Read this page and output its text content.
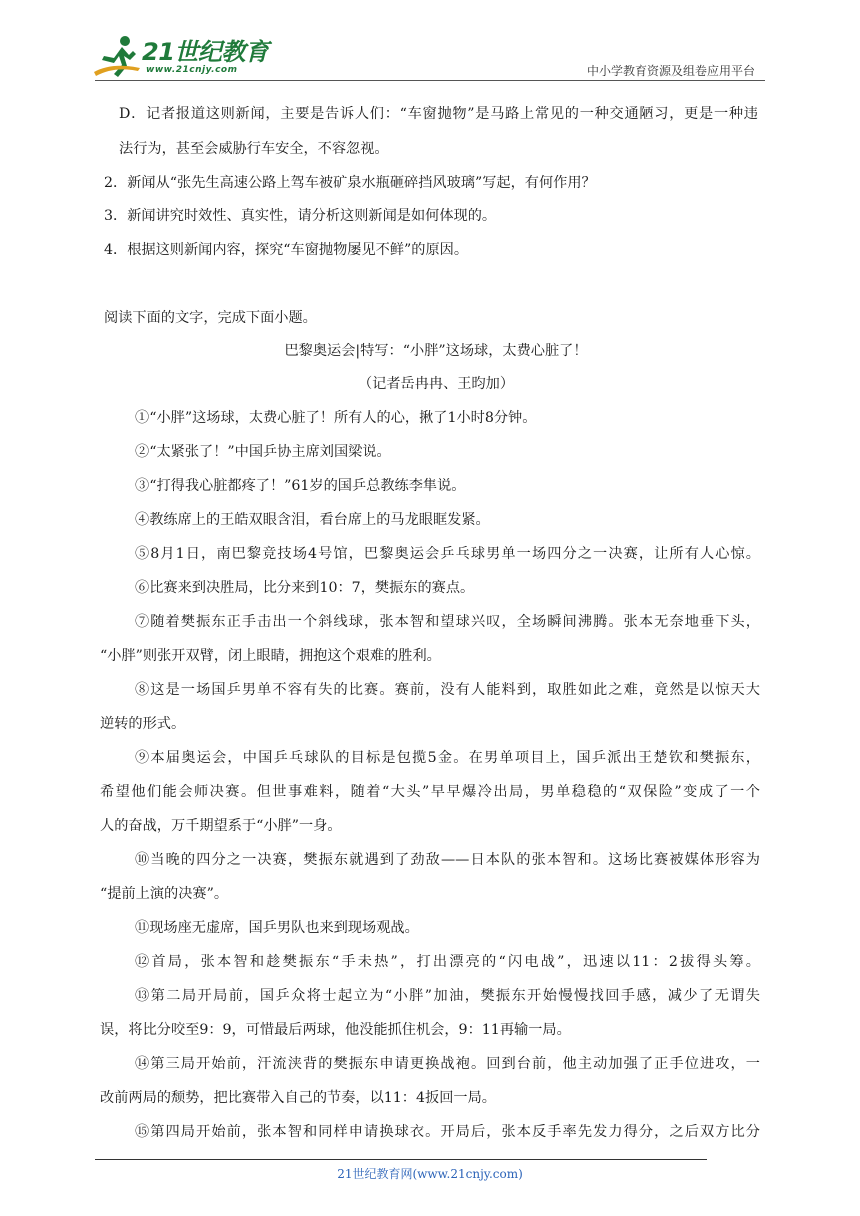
21世纪教育
www.21cnjy.com	中小学教育资源及组卷应用平台
D．记者报道这则新闻，主要是告诉人们：“车窗抛物”是马路上常见的一种交通陋习，更是一种违
法行为，甚至会威胁行车安全，不容忽视。
2．新闻从“张先生高速公路上驾车被矿泉水瓶砸碎挡风玻璃”写起，有何作用？
3．新闻讲究时效性、真实性，请分析这则新闻是如何体现的。
4．根据这则新闻内容，探究“车窗抛物屡见不鲜”的原因。
阅读下面的文字，完成下面小题。
巴黎奥运会|特写：“小胖”这场球，太费心脏了！
（记者岳冉冉、王昀加）
①“小胖”这场球，太费心脏了！所有人的心，揪了1小时8分钟。
②“太紧张了！”中国乒协主席刘国梁说。
③“打得我心脏都疼了！”61岁的国乒总教练李隼说。
④教练席上的王皓双眼含泪，看台席上的马龙眼眶发紧。
⑤8月1日，南巴黎竞技场4号馆，巴黎奥运会乒乓球男单一场四分之一决赛，让所有人心惊。
⑥比赛来到决胜局，比分来到10：7，樊振东的赛点。
⑦随着樊振东正手击出一个斜线球，张本智和望球兴叹，全场瞬间沸腾。张本无奈地垂下头，
“小胖”则张开双臂，闭上眼睛，拥抱这个艰难的胜利。
⑧这是一场国乒男单不容有失的比赛。赛前，没有人能料到，取胜如此之难，竟然是以惊天大
逆转的形式。
⑨本届奥运会，中国乒乓球队的目标是包揽5金。在男单项目上，国乒派出王楚钦和樊振东，
希望他们能会师决赛。但世事难料，随着“大头”早早爆冷出局，男单稳稳的“双保险”变成了一个
人的奋战，万千期望系于“小胖”一身。
⑩当晚的四分之一决赛，樊振东就遇到了劲敌——日本队的张本智和。这场比赛被媒体形容为
“提前上演的决赛”。
⑪现场座无虚席，国乒男队也来到现场观战。
⑫首局，张本智和趁樊振东“手未热”，打出漂亮的“闪电战”，迅速以11：2拔得头筹。
⑬第二局开局前，国乒众将士起立为“小胖”加油，樊振东开始慢慢找回手感，减少了无谓失
误，将比分咬至9：9，可惜最后两球，他没能抓住机会，9：11再输一局。
⑭第三局开始前，汗流浃背的樊振东申请更换战袍。回到台前，他主动加强了正手位进攻，一
改前两局的颓势，把比赛带入自己的节奏，以11：4扳回一局。
⑮第四局开始前，张本智和同样申请换球衣。开局后，张本反手率先发力得分，之后双方比分
21世纪教育网(www.21cnjy.com)
